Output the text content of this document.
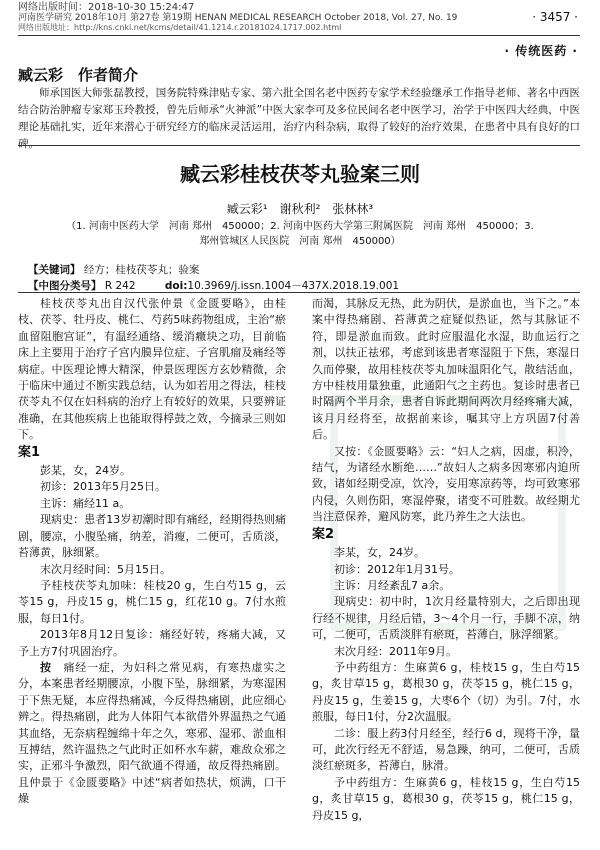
网络出版时间：2018-10-30 15:24:47
河南医学研究 2018年10月 第27卷 第19期 HENAN MEDICAL RESEARCH October 2018, Vol. 27, No. 19
网络出版地址：http://kns.cnki.net/kcms/detail/41.1214.r.20181024.1717.002.html
· 3457 ·
· 传统医药 ·
臧云彩　作者简介
师承国医大师张磊教授，国务院特殊津贴专家、第六批全国名老中医药专家学术经验继承工作指导老师、著名中西医结合防治肿瘤专家郑玉玲教授，曾先后师承“火神派”中医大家李可及多位民间名老中医学习，治学于中医四大经典，中医理论基础扎实，近年来潜心于研究经方的临床灵活运用，治疗内科杂病，取得了较好的治疗效果，在患者中具有良好的口碑。
臧云彩桂枝茯苓丸验案三则
臧云彩¹　谢秋利²　张林林³
（1. 河南中医药大学　河南 郑州　450000；2. 河南中医药大学第三附属医院　河南 郑州　450000；3. 郑州管城区人民医院　河南 郑州　450000）
【关键词】 经方；桂枝茯苓丸；验案
【中图分类号】 R 242	doi:10.3969/j.issn.1004－437X.2018.19.001

桂枝茯苓丸出自汉代张仲景《金匮要略》，由桂枝、茯苓、牡丹皮、桃仁、芍药5味药物组成，主治“瘀血留阻胞宫证”，有温经通络、缓消癥块之功，目前临床上主要用于治疗子宫内膜异位症、子宫肌瘤及痛经等病症。中医理论博大精深，仲景医理医方玄妙精微，余于临床中通过不断实践总结，认为如若用之得法，桂枝茯苓丸不仅在妇科病的治疗上有较好的效果，只要辨证准确，在其他疾病上也能取得桴鼓之效，今摘录三则如下。

案1

彭某，女，24岁。

初诊：2013年5月25日。

主诉：痛经11 a。

现病史：患者13岁初潮时即有痛经，经期得热则痛剧，腰凉，小腹坠痛，纳差，消瘦，二便可，舌质淡，苔薄黄，脉细紧。

末次月经时间：5月15日。

予桂枝茯苓丸加味：桂枝20 g，生白芍15 g，云苓15 g，丹皮15 g，桃仁15 g，红花10 g。7付水煎服，每日1付。

2013年8月12日复诊：痛经好转，疼痛大减，又予上方7付巩固治疗。

按　 痛经一症，为妇科之常见病，有寒热虚实之分，本案患者经期腰凉，小腹下坠，脉细紧，为寒湿困于下焦无疑，本应得热痛减，今反得热痛剧，此应细心辨之。得热痛剧，此为人体阳气本欲借外界温热之气通其血络，无奈病程缠绵十年之久，寒邪、湿邪、淤血相互搏结，然许温热之气此时正如杯水车薪，难敌众邪之实，正邪斗争激烈，阳气欲通不得通，故反得热痛剧。且仲景于《金匮要略》中述“病者如热状，烦满，口干燥

而渴，其脉反无热，此为阴伏，是淤血也，当下之。”本案中得热痛剧、苔薄黄之症疑似热证，然与其脉证不符，即是淤血而致。此时应服温化水湿，助血运行之剂，以扶正祛邪，考虑到该患者寒湿阻于下焦，寒湿日久而停聚，故用桂枝茯苓丸加味温阳化气，散结活血，方中桂枝用量独重，此通阳气之主药也。复诊时患者已时隔两个半月余，患者自诉此期间两次月经疼痛大减，该月月经将至，故据前来诊，嘱其守上方巩固7付善后。

又按：《金匮要略》云：“妇人之病，因虚，积冷，结气，为诸经水断绝……”故妇人之病多因寒邪内迫所致，诸如经期受凉，饮冷，妄用寒凉药等，均可致寒邪内侵，久则伤阳，寒湿停聚，诸变不可胜数。故经期尤当注意保养，避风防寒，此乃养生之大法也。

案2

李某，女，24岁。

初诊：2012年1月31号。

主诉：月经紊乱7 a余。

现病史：初中时，1次月经量特别大，之后即出现行经不规律，月经后错，3～4个月一行，手脚不凉，纳可，二便可，舌质淡胖有瘀斑，苔薄白，脉浮细紧。

末次月经：2011年9月。

予中药组方：生麻黄6 g，桂枝15 g，生白芍15 g，炙甘草15 g，葛根30 g，茯苓15 g，桃仁15 g，丹皮15 g，生姜15 g，大枣6个（切）为引。7付，水煎服，每日1付，分2次温服。

二诊：服上药3付月经至，经行6 d，现将干净，量可，此次行经无不舒适，易急躁，纳可，二便可，舌质淡红瘀斑多，苔薄白，脉滑。

予中药组方：生麻黄6 g，桂枝15 g，生白芍15 g，炙甘草15 g，葛根30 g，茯苓15 g，桃仁15 g，丹皮15 g，
